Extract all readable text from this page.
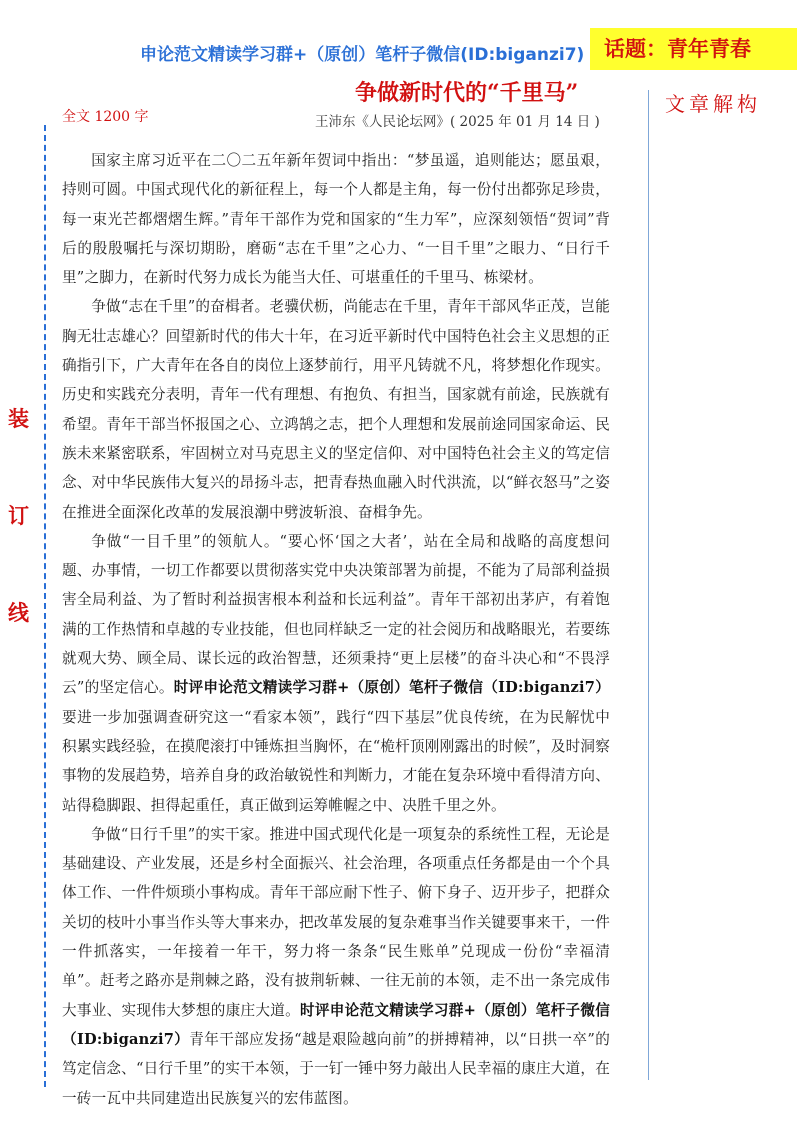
申论范文精读学习群+（原创）笔杆子微信(ID:biganzi7) 话题：青年青春
争做新时代的“千里马”	文章解构
全文 1200 字	王沛东《人民论坛网》( 2025 年 01 月 14 日 )
装
订
线

国家主席习近平在二〇二五年新年贺词中指出：“梦虽遥，追则能达；愿虽艰，持则可圆。中国式现代化的新征程上，每一个人都是主角，每一份付出都弥足珍贵，每一束光芒都熠熠生辉。”青年干部作为党和国家的“生力军”，应深刻领悟“贺词”背后的殷殷嘱托与深切期盼，磨砺“志在千里”之心力、“一目千里”之眼力、“日行千里”之脚力，在新时代努力成长为能当大任、可堪重任的千里马、栋梁材。

争做“志在千里”的奋楫者。老骥伏枥，尚能志在千里，青年干部风华正茂，岂能胸无壮志雄心？回望新时代的伟大十年，在习近平新时代中国特色社会主义思想的正确指引下，广大青年在各自的岗位上逐梦前行，用平凡铸就不凡，将梦想化作现实。历史和实践充分表明，青年一代有理想、有抱负、有担当，国家就有前途，民族就有希望。青年干部当怀报国之心、立鸿鹄之志，把个人理想和发展前途同国家命运、民族未来紧密联系，牢固树立对马克思主义的坚定信仰、对中国特色社会主义的笃定信念、对中华民族伟大复兴的昂扬斗志，把青春热血融入时代洪流，以“鲜衣怒马”之姿在推进全面深化改革的发展浪潮中劈波斩浪、奋楫争先。

争做“一目千里”的领航人。“要心怀‘国之大者’，站在全局和战略的高度想问题、办事情，一切工作都要以贯彻落实党中央决策部署为前提，不能为了局部利益损害全局利益、为了暂时利益损害根本利益和长远利益”。青年干部初出茅庐，有着饱满的工作热情和卓越的专业技能，但也同样缺乏一定的社会阅历和战略眼光，若要练就观大势、顾全局、谋长远的政治智慧，还须秉持“更上层楼”的奋斗决心和“不畏浮云”的坚定信心。时评申论范文精读学习群+（原创）笔杆子微信（ID:biganzi7）要进一步加强调查研究这一“看家本领”，践行“四下基层”优良传统，在为民解忧中积累实践经验，在摸爬滚打中锤炼担当胸怀，在“桅杆顶刚刚露出的时候”，及时洞察事物的发展趋势，培养自身的政治敏锐性和判断力，才能在复杂环境中看得清方向、站得稳脚跟、担得起重任，真正做到运筹帷幄之中、决胜千里之外。

争做“日行千里”的实干家。推进中国式现代化是一项复杂的系统性工程，无论是基础建设、产业发展，还是乡村全面振兴、社会治理，各项重点任务都是由一个个具体工作、一件件烦琐小事构成。青年干部应耐下性子、俯下身子、迈开步子，把群众关切的枝叶小事当作头等大事来办，把改革发展的复杂难事当作关键要事来干，一件一件抓落实，一年接着一年干，努力将一条条“民生账单”兑现成一份份“幸福清单”。赶考之路亦是荆棘之路，没有披荆斩棘、一往无前的本领，走不出一条完成伟大事业、实现伟大梦想的康庄大道。时评申论范文精读学习群+（原创）笔杆子微信（ID:biganzi7）青年干部应发扬“越是艰险越向前”的拼搏精神，以“日拱一卒”的笃定信念、“日行千里”的实干本领，于一钉一锤中努力敲出人民幸福的康庄大道，在一砖一瓦中共同建造出民族复兴的宏伟蓝图。
